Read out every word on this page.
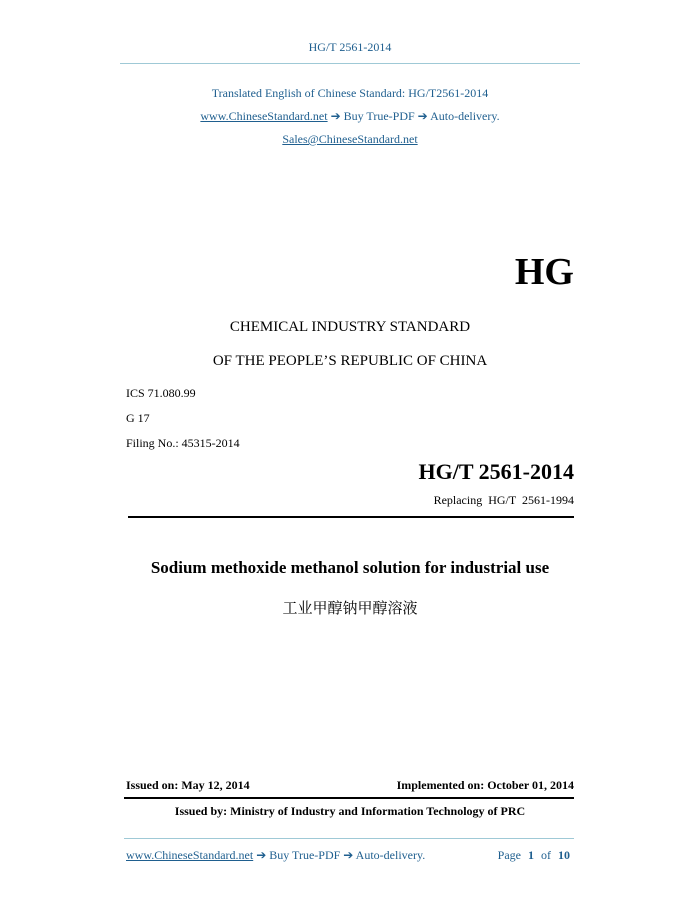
HG/T 2561-2014
Translated English of Chinese Standard: HG/T2561-2014
www.ChineseStandard.net ➔ Buy True-PDF ➔ Auto-delivery.
Sales@ChineseStandard.net
HG
CHEMICAL INDUSTRY STANDARD
OF THE PEOPLE’S REPUBLIC OF CHINA
ICS 71.080.99
G 17
Filing No.: 45315-2014
HG/T 2561-2014
Replacing  HG/T  2561-1994
Sodium methoxide methanol solution for industrial use
工业甲醇钠甲醇溶液
Issued on: May 12, 2014	Implemented on: October 01, 2014
Issued by: Ministry of Industry and Information Technology of PRC
www.ChineseStandard.net ➔ Buy True-PDF ➔ Auto-delivery.	Page 1 of 10
